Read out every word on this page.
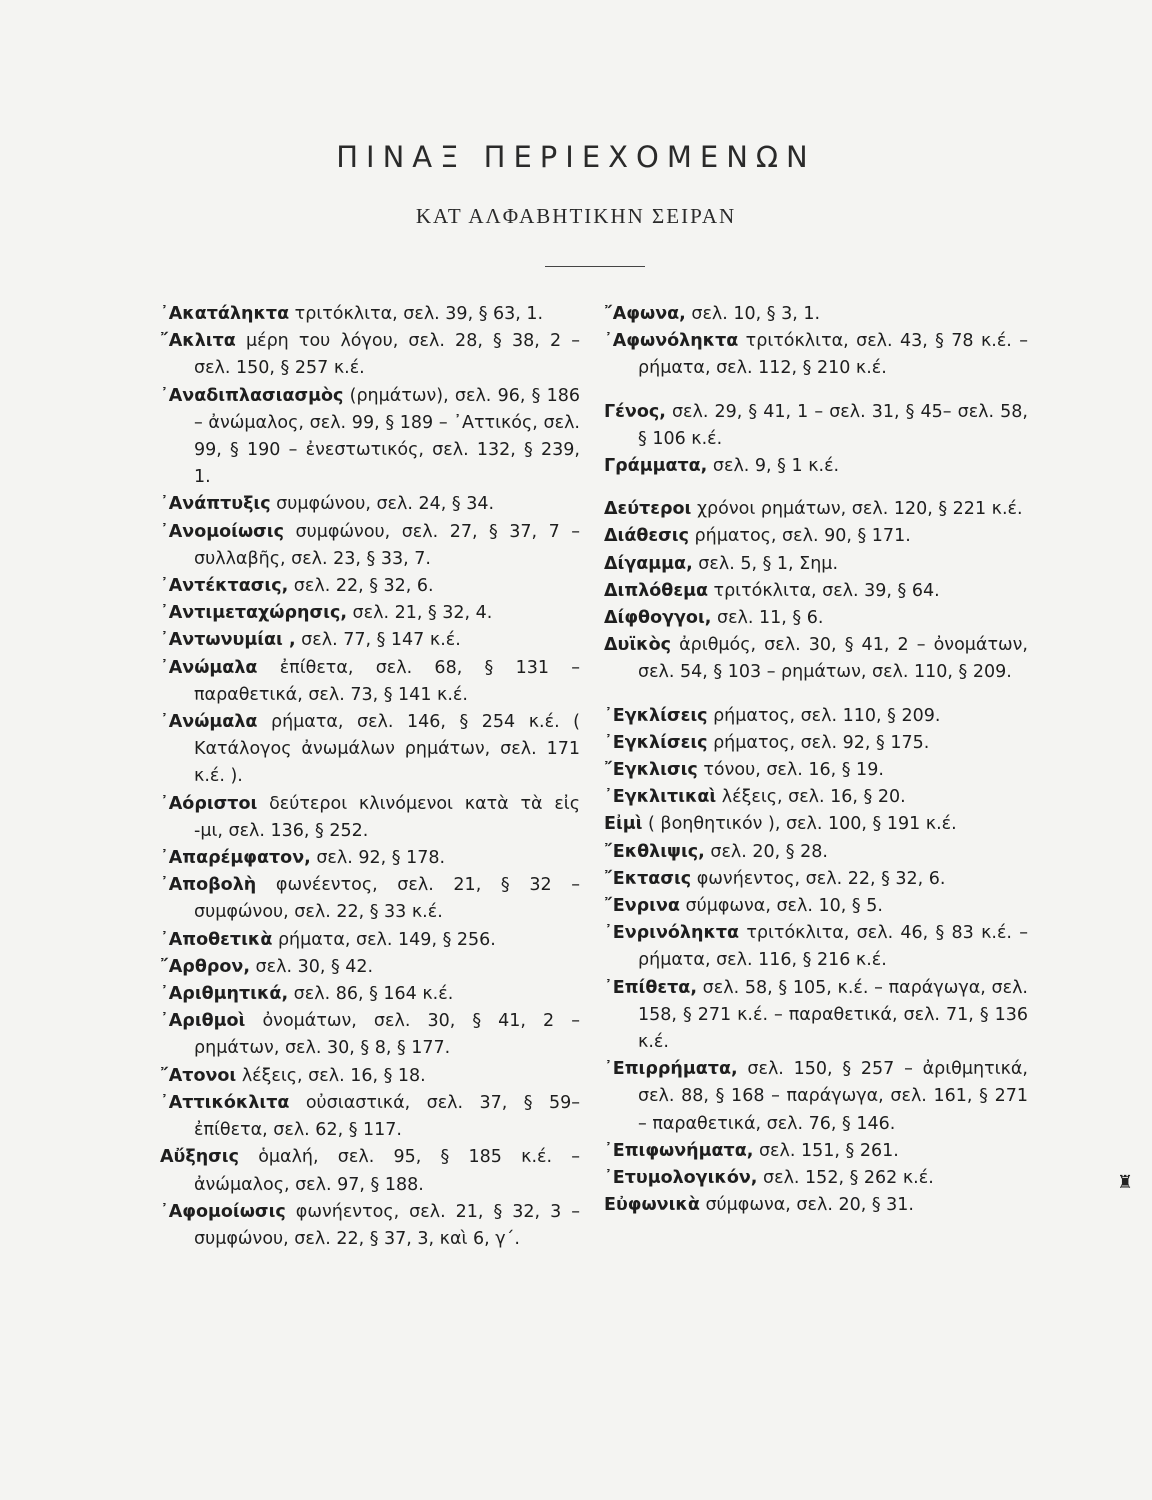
ΠΙΝΑΞ ΠΕΡΙΕΧΟΜΕΝΩΝ
ΚΑΤ ΑΛΦΑΒΗΤΙΚΗΝ ΣΕΙΡΑΝ

᾿Ακατάληκτα τριτόκλιτα, σελ. 39, § 63, 1.

῎Ακλιτα μέρη του λόγου, σελ. 28, § 38, 2 – σελ. 150, § 257 κ.έ.

᾿Αναδιπλασιασμὸς (ρημάτων), σελ. 96, § 186 – ἀνώμαλος, σελ. 99, § 189 – ᾿Αττικός, σελ. 99, § 190 – ἐνεστωτικός, σελ. 132, § 239, 1.

᾿Ανάπτυξις συμφώνου, σελ. 24, § 34.

᾿Ανομοίωσις συμφώνου, σελ. 27, § 37, 7 – συλλαβῆς, σελ. 23, § 33, 7.

᾿Αντέκτασις, σελ. 22, § 32, 6.

᾿Αντιμεταχώρησις, σελ. 21, § 32, 4.

᾿Αντωνυμίαι , σελ. 77, § 147 κ.έ.

᾿Ανώμαλα ἐπίθετα, σελ. 68, § 131 – παραθετικά, σελ. 73, § 141 κ.έ.

᾿Ανώμαλα ρήματα, σελ. 146, § 254 κ.έ. ( Κατάλογος ἀνωμάλων ρημάτων, σελ. 171 κ.έ. ).

᾿Αόριστοι δεύτεροι κλινόμενοι κατὰ τὰ εἰς -μι, σελ. 136, § 252.

᾿Απαρέμφατον, σελ. 92, § 178.

᾿Αποβολὴ φωνέεντος, σελ. 21, § 32 – συμφώνου, σελ. 22, § 33 κ.έ.

᾿Αποθετικὰ ρήματα, σελ. 149, § 256.

῎Αρθρον, σελ. 30, § 42.

᾿Αριθμητικά, σελ. 86, § 164 κ.έ.

᾿Αριθμοὶ ὀνομάτων, σελ. 30, § 41, 2 – ρημάτων, σελ. 30, § 8, § 177.

῎Ατονοι λέξεις, σελ. 16, § 18.

᾿Αττικόκλιτα οὐσιαστικά, σελ. 37, § 59– ἐπίθετα, σελ. 62, § 117.

Αὔξησις ὁμαλή, σελ. 95, § 185 κ.έ. – ἀνώμαλος, σελ. 97, § 188.

᾿Αφομοίωσις φωνήεντος, σελ. 21, § 32, 3 – συμφώνου, σελ. 22, § 37, 3, καὶ 6, γ΄.

῎Αφωνα, σελ. 10, § 3, 1.

᾿Αφωνόληκτα τριτόκλιτα, σελ. 43, § 78 κ.έ. – ρήματα, σελ. 112, § 210 κ.έ.

Γένος, σελ. 29, § 41, 1 – σελ. 31, § 45– σελ. 58, § 106 κ.έ.

Γράμματα, σελ. 9, § 1 κ.έ.

Δεύτεροι χρόνοι ρημάτων, σελ. 120, § 221 κ.έ.

Διάθεσις ρήματος, σελ. 90, § 171.

Δίγαμμα, σελ. 5, § 1, Σημ.

Διπλόθεμα τριτόκλιτα, σελ. 39, § 64.

Δίφθογγοι, σελ. 11, § 6.

Δυϊκὸς ἀριθμός, σελ. 30, § 41, 2 – ὀνομάτων, σελ. 54, § 103 – ρημάτων, σελ. 110, § 209.

᾿Εγκλίσεις ρήματος, σελ. 110, § 209.

᾿Εγκλίσεις ρήματος, σελ. 92, § 175.

῎Εγκλισις τόνου, σελ. 16, § 19.

᾿Εγκλιτικαὶ λέξεις, σελ. 16, § 20.

Εἰμὶ ( βοηθητικόν ), σελ. 100, § 191 κ.έ.

῎Εκθλιψις, σελ. 20, § 28.

῎Εκτασις φωνήεντος, σελ. 22, § 32, 6.

῎Ενρινα σύμφωνα, σελ. 10, § 5.

᾿Ενρινόληκτα τριτόκλιτα, σελ. 46, § 83 κ.έ. – ρήματα, σελ. 116, § 216 κ.έ.

᾿Επίθετα, σελ. 58, § 105, κ.έ. – παράγωγα, σελ. 158, § 271 κ.έ. – παραθετικά, σελ. 71, § 136 κ.έ.

᾿Επιρρήματα, σελ. 150, § 257 – ἀριθμητικά, σελ. 88, § 168 – παράγωγα, σελ. 161, § 271 – παραθετικά, σελ. 76, § 146.

᾿Επιφωνήματα, σελ. 151, § 261.

᾿Ετυμολογικόν, σελ. 152, § 262 κ.έ.

Εὐφωνικὰ σύμφωνα, σελ. 20, § 31.

♜
